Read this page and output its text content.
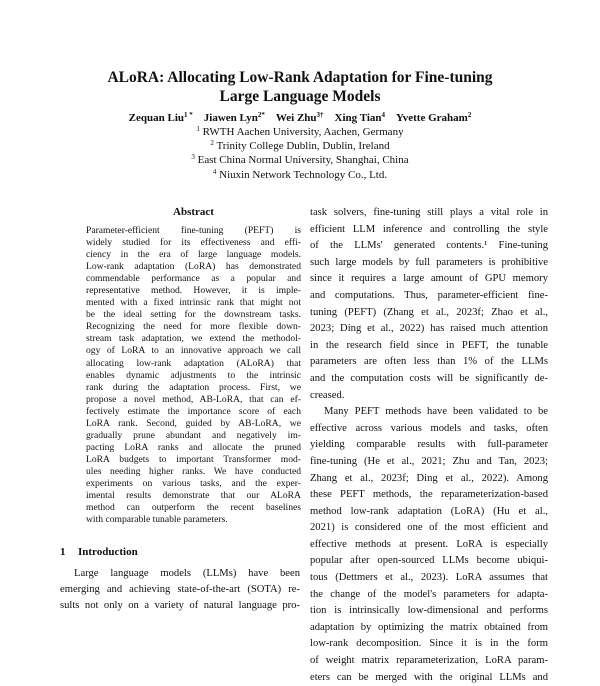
ALoRA: Allocating Low-Rank Adaptation for Fine-tuning
Large Language Models
Zequan Liu$^{1 *}$  Jiawen Lyn$^{2*}$  Wei Zhu$^{3\dagger}$  Xing Tian$^4$  Yvette Graham$^2$
$^1$ RWTH Aachen University, Aachen, Germany
$^2$ Trinity College Dublin, Dublin, Ireland
$^3$ East China Normal University, Shanghai, China
$^4$ Niuxin Network Technology Co., Ltd.
Abstract
Parameter-efficient fine-tuning (PEFT) is
widely studied for its effectiveness and effi-
ciency in the era of large language models.
Low-rank adaptation (LoRA) has demonstrated
commendable performance as a popular and
representative method. However, it is imple-
mented with a fixed intrinsic rank that might not
be the ideal setting for the downstream tasks.
Recognizing the need for more flexible down-
stream task adaptation, we extend the methodol-
ogy of LoRA to an innovative approach we call
allocating low-rank adaptation (ALoRA) that
enables dynamic adjustments to the intrinsic
rank during the adaptation process. First, we
propose a novel method, AB-LoRA, that can ef-
fectively estimate the importance score of each
LoRA rank. Second, guided by AB-LoRA, we
gradually prune abundant and negatively im-
pacting LoRA ranks and allocate the pruned
LoRA budgets to important Transformer mod-
ules needing higher ranks. We have conducted
experiments on various tasks, and the exper-
imental results demonstrate that our ALoRA
method can outperform the recent baselines
with comparable tunable parameters.
1 Introduction
Large language models (LLMs) have been
emerging and achieving state-of-the-art (SOTA) re-
sults not only on a variety of natural language pro-
task solvers, fine-tuning still plays a vital role in
efficient LLM inference and controlling the style
of the LLMs' generated contents.¹ Fine-tuning
such large models by full parameters is prohibitive
since it requires a large amount of GPU memory
and computations. Thus, parameter-efficient fine-
tuning (PEFT) (Zhang et al., 2023f; Zhao et al.,
2023; Ding et al., 2022) has raised much attention
in the research field since in PEFT, the tunable
parameters are often less than 1% of the LLMs
and the computation costs will be significantly de-
creased.
Many PEFT methods have been validated to be
effective across various models and tasks, often
yielding comparable results with full-parameter
fine-tuning (He et al., 2021; Zhu and Tan, 2023;
Zhang et al., 2023f; Ding et al., 2022). Among
these PEFT methods, the reparameterization-based
method low-rank adaptation (LoRA) (Hu et al.,
2021) is considered one of the most efficient and
effective methods at present. LoRA is especially
popular after open-sourced LLMs become ubiqui-
tous (Dettmers et al., 2023). LoRA assumes that
the change of the model's parameters for adapta-
tion is intrinsically low-dimensional and performs
adaptation by optimizing the matrix obtained from
low-rank decomposition. Since it is in the form
of weight matrix reparameterization, LoRA param-
eters can be merged with the original LLMs and
